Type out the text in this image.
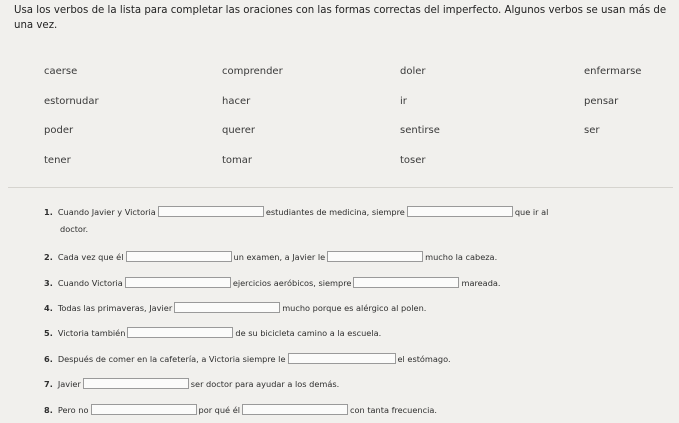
Usa los verbos de la lista para completar las oraciones con las formas correctas del imperfecto. Algunos verbos se usan más de una vez.
caerse	comprender	doler	enfermarse
estornudar	hacer	ir	pensar
poder	querer	sentirse	ser
tener	tomar	toser
1. Cuando Javier y Victoria	estudiantes de medicina, siempre	que ir al
doctor.
2. Cada vez que él	un examen, a Javier le	mucho la cabeza.
3. Cuando Victoria	ejercicios aeróbicos, siempre	mareada.
4. Todas las primaveras, Javier	mucho porque es alérgico al polen.
5. Victoria también	de su bicicleta camino a la escuela.
6. Después de comer en la cafetería, a Victoria siempre le	el estómago.
7. Javier	ser doctor para ayudar a los demás.
8. Pero no	por qué él	con tanta frecuencia.
